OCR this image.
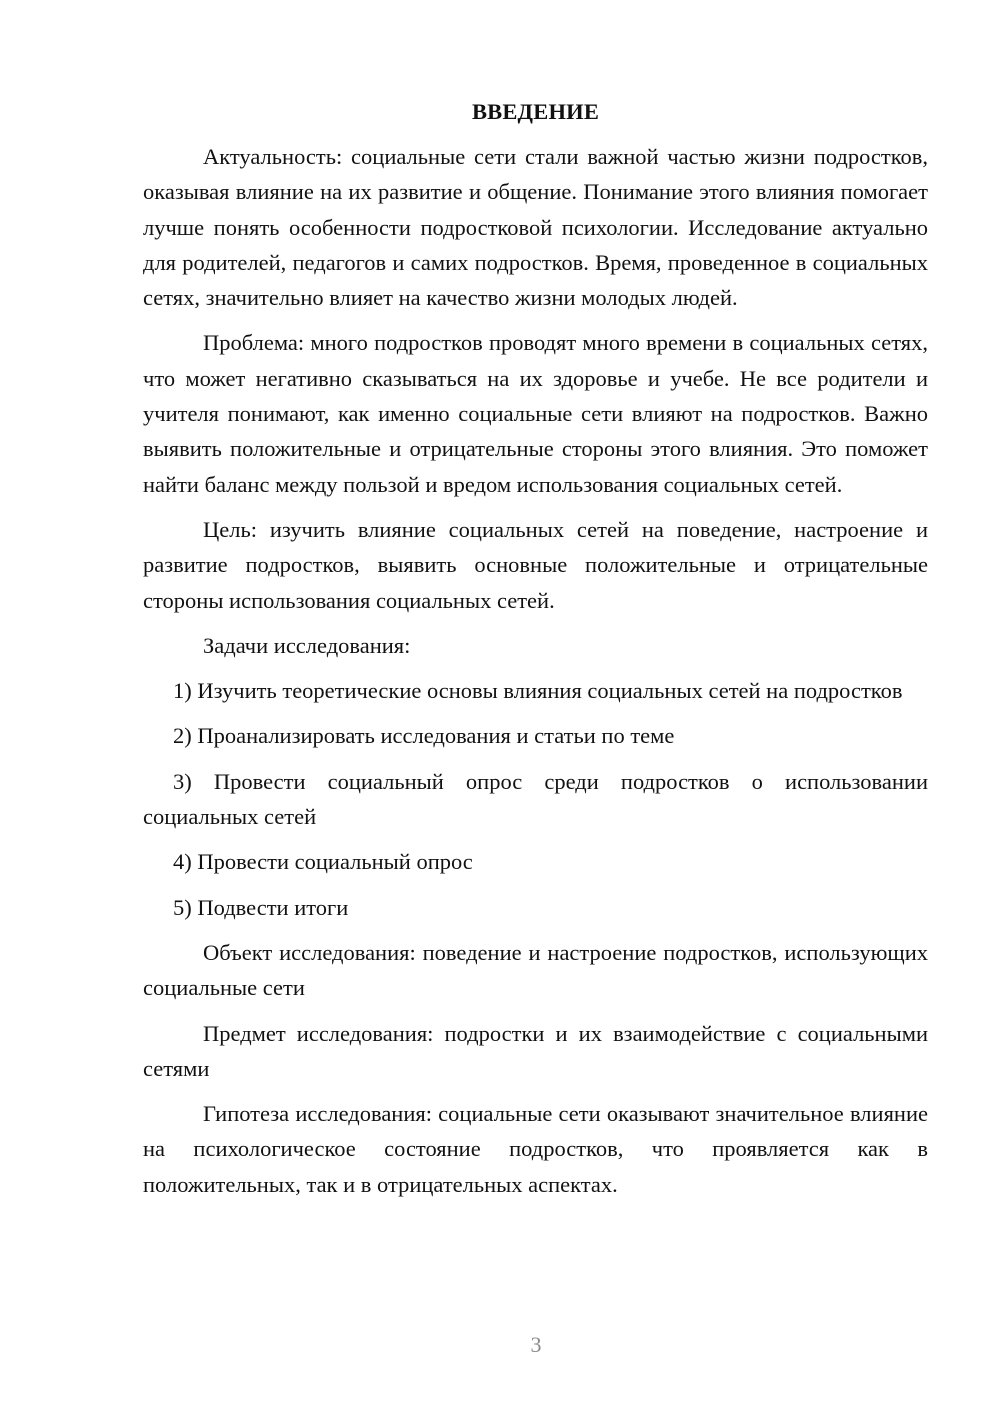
ВВЕДЕНИЕ

Актуальность: социальные сети стали важной частью жизни подростков, оказывая влияние на их развитие и общение. Понимание этого влияния помогает лучше понять особенности подростковой психологии. Исследование актуально для родителей, педагогов и самих подростков. Время, проведенное в социальных сетях, значительно влияет на качество жизни молодых людей.

Проблема: много подростков проводят много времени в социальных сетях, что может негативно сказываться на их здоровье и учебе. Не все родители и учителя понимают, как именно социальные сети влияют на подростков. Важно выявить положительные и отрицательные стороны этого влияния. Это поможет найти баланс между пользой и вредом использования социальных сетей.

Цель: изучить влияние социальных сетей на поведение, настроение и развитие подростков, выявить основные положительные и отрицательные стороны использования социальных сетей.

Задачи исследования:

1) Изучить теоретические основы влияния социальных сетей на подростков

2) Проанализировать исследования и статьи по теме

3) Провести социальный опрос среди подростков о использовании социальных сетей

4) Провести социальный опрос

5) Подвести итоги

Объект исследования: поведение и настроение подростков, использующих социальные сети

Предмет исследования: подростки и их взаимодействие с социальными сетями

Гипотеза исследования: социальные сети оказывают значительное влияние на психологическое состояние подростков, что проявляется как в положительных, так и в отрицательных аспектах.

3
